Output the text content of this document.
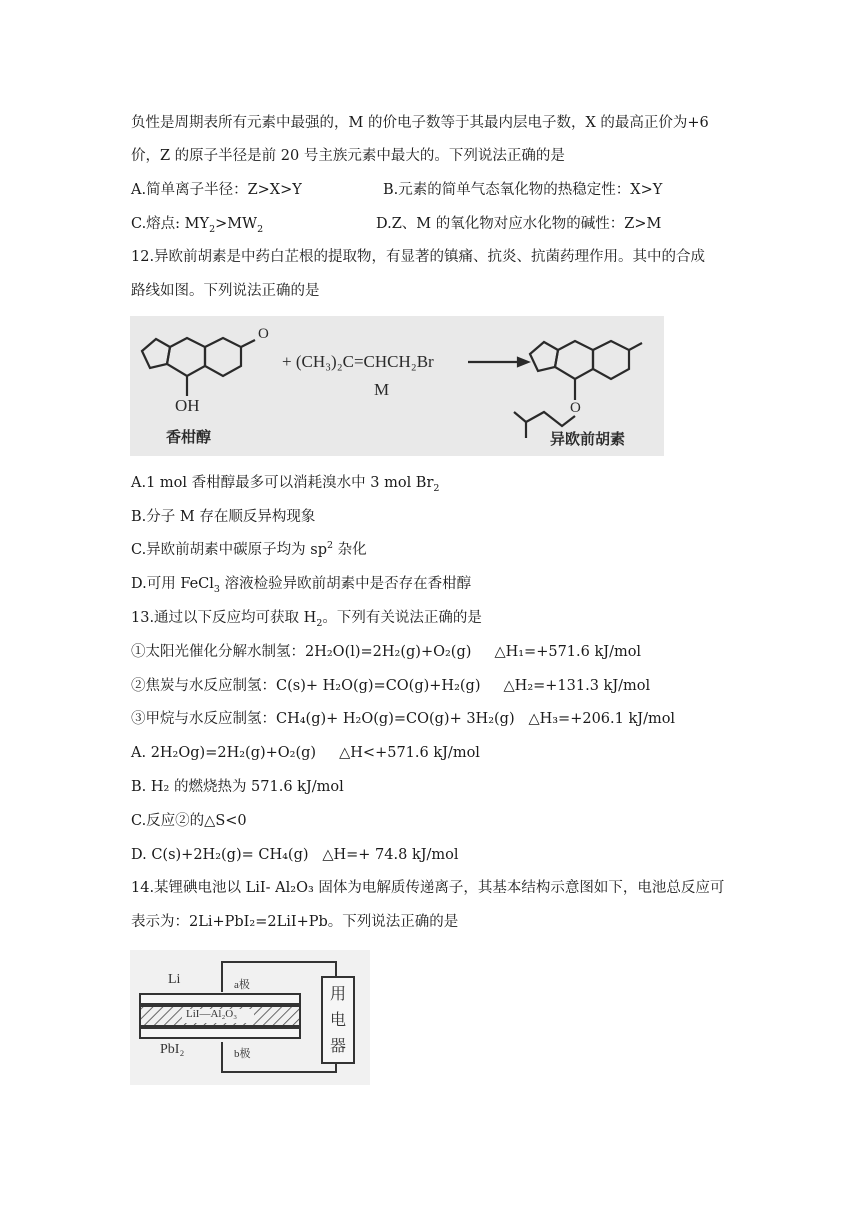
负性是周期表所有元素中最强的，M 的价电子数等于其最内层电子数，X 的最高正价为+6
价，Z 的原子半径是前 20 号主族元素中最大的。下列说法正确的是
A.简单离子半径：Z>X>Y	B.元素的简单气态氧化物的热稳定性：X>Y
C.熔点: $MY_2>MW_2$	D.Z、M 的氧化物对应水化物的碱性：Z>M
12.异欧前胡素是中药白芷根的提取物，有显著的镇痛、抗炎、抗菌药理作用。其中的合成
路线如图。下列说法正确的是
O
+ (CH₃)₂C=CHCH₂Br
M
OH	O
香柑醇	异欧前胡素
A.1 mol 香柑醇最多可以消耗溴水中 3 mol $Br_2$
B.分子 M 存在顺反异构现象
C.异欧前胡素中碳原子均为 $sp^2$ 杂化
D.可用 FeCl$_3$ 溶液检验异欧前胡素中是否存在香柑醇
13.通过以下反应均可获取 $H_2$。下列有关说法正确的是
①太阳光催化分解水制氢：2H₂O(l)=2H₂(g)+O₂(g)     △H₁=+571.6 kJ/mol
②焦炭与水反应制氢：C(s)+ H₂O(g)=CO(g)+H₂(g)     △H₂=+131.3 kJ/mol
③甲烷与水反应制氢：CH₄(g)+ H₂O(g)=CO(g)+ 3H₂(g)   △H₃=+206.1 kJ/mol
A. 2H₂Og)=2H₂(g)+O₂(g)     △H<+571.6 kJ/mol
B. H₂ 的燃烧热为 571.6 kJ/mol
C.反应②的△S<0
D. C(s)+2H₂(g)= CH₄(g)   △H=+ 74.8 kJ/mol
14.某锂碘电池以 LiI- Al₂O₃ 固体为电解质传递离子，其基本结构示意图如下，电池总反应可
表示为：2Li+PbI₂=2LiI+Pb。下列说法正确的是
Li	a极
LiI—Al₂O₃
PbI₂	b极
用
电
器
